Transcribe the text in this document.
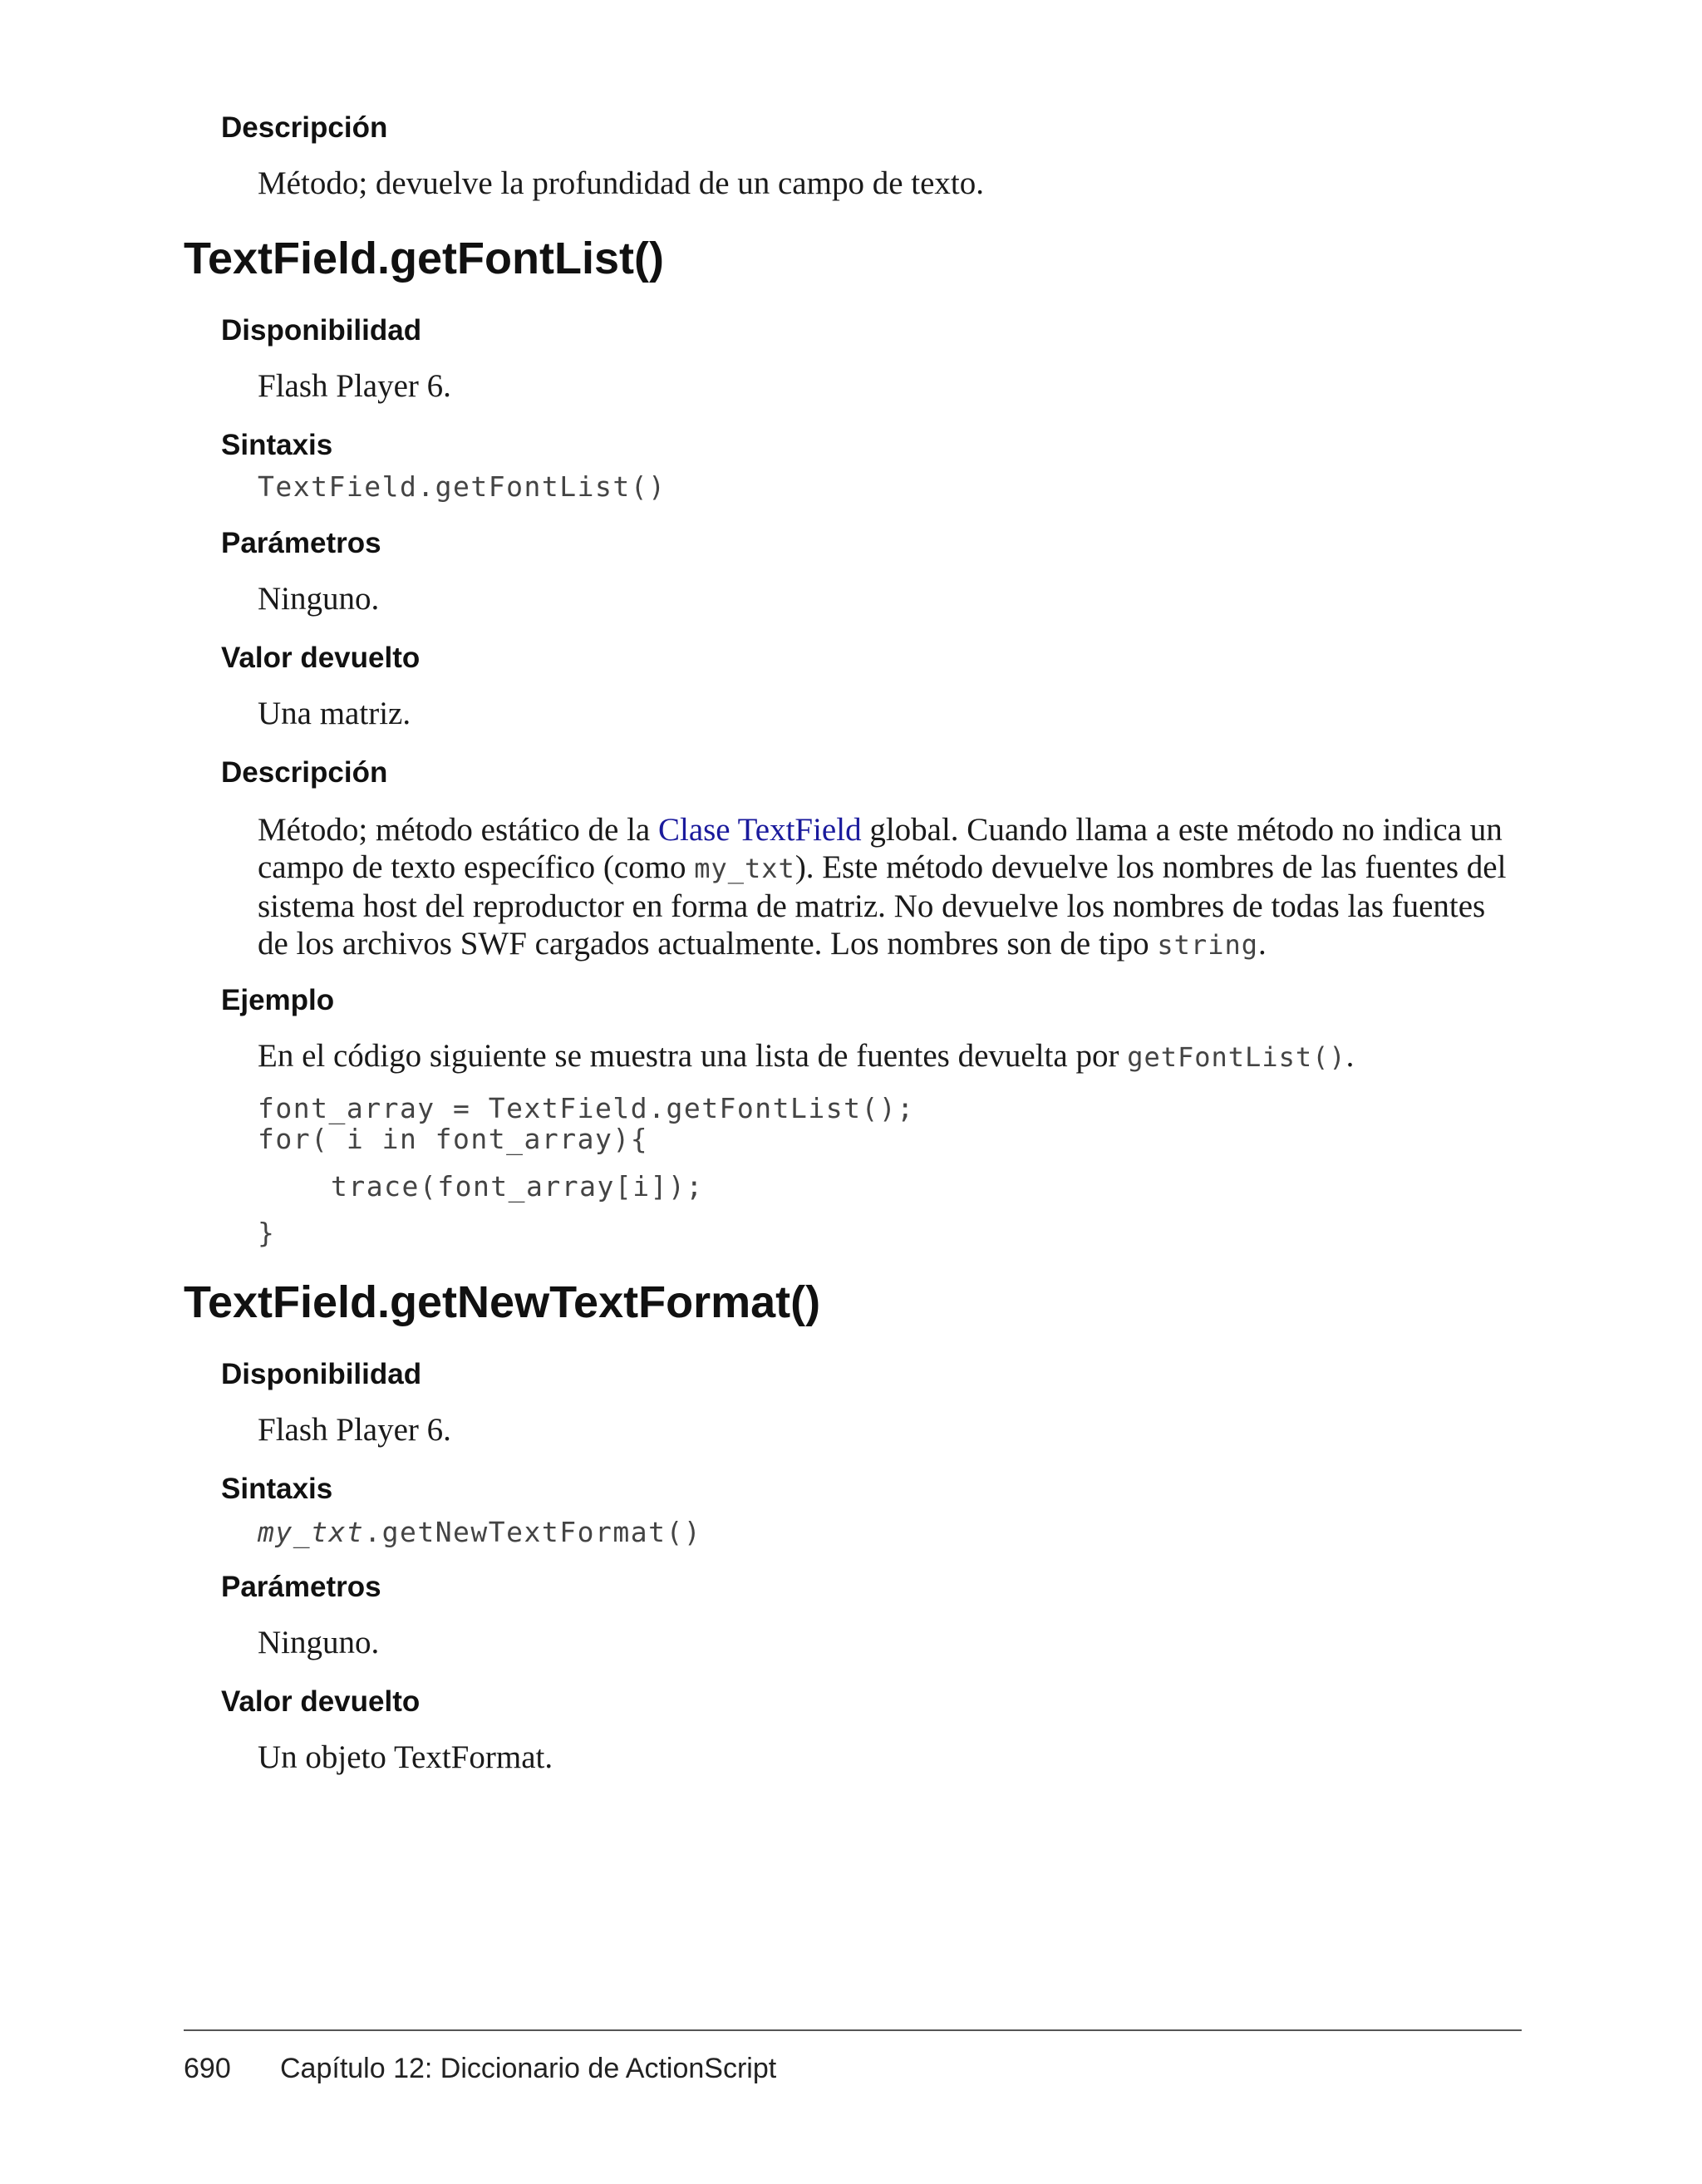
Descripción
Método; devuelve la profundidad de un campo de texto.
TextField.getFontList()
Disponibilidad
Flash Player 6.
Sintaxis
TextField.getFontList()
Parámetros
Ninguno.
Valor devuelto
Una matriz.
Descripción
Método; método estático de la Clase TextField global. Cuando llama a este método no indica un campo de texto específico (como my_txt). Este método devuelve los nombres de las fuentes del sistema host del reproductor en forma de matriz. No devuelve los nombres de todas las fuentes de los archivos SWF cargados actualmente. Los nombres son de tipo string.
Ejemplo
En el código siguiente se muestra una lista de fuentes devuelta por getFontList().
font_array = TextField.getFontList();
for( i in font_array){
trace(font_array[i]);
}
TextField.getNewTextFormat()
Disponibilidad
Flash Player 6.
Sintaxis
my_txt.getNewTextFormat()
Parámetros
Ninguno.
Valor devuelto
Un objeto TextFormat.
690 Capítulo 12: Diccionario de ActionScript
